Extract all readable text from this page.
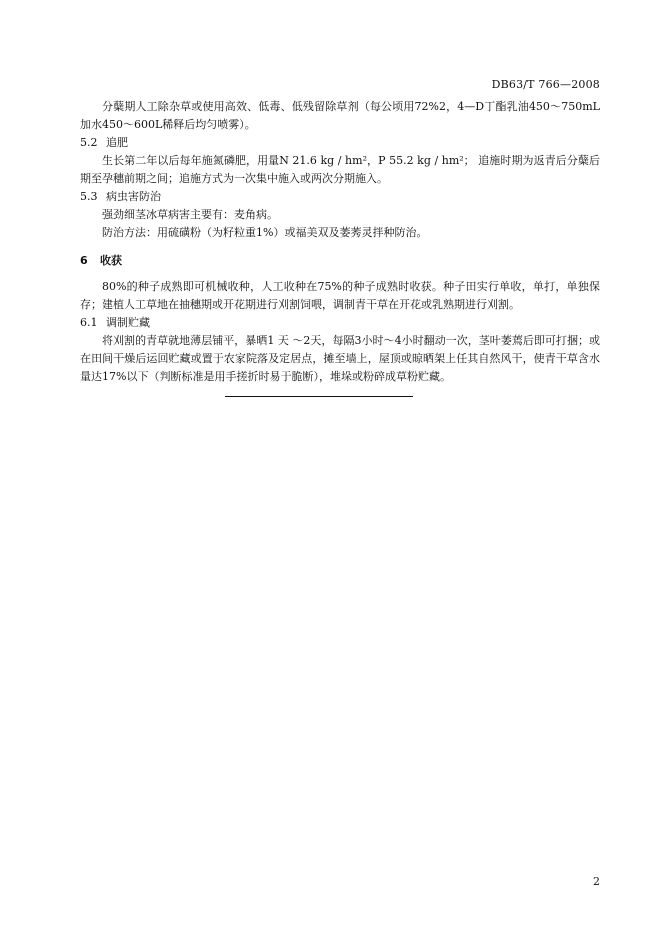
DB63/T 766—2008

分蘖期人工除杂草或使用高效、低毒、低残留除草剂（每公顷用72%2，4—D丁酯乳油450～750mL加水450～600L稀释后均匀喷雾）。

5.2 追肥

生长第二年以后每年施氮磷肥，用量N 21.6 kg / hm²，P 55.2 kg / hm²； 追施时期为返青后分蘖后期至孕穗前期之间；追施方式为一次集中施入或两次分期施入。

5.3 病虫害防治

强劲细茎冰草病害主要有：麦角病。

防治方法：用硫磺粉（为籽粒重1%）或福美双及萎莠灵拌种防治。

6 收获

80%的种子成熟即可机械收种，人工收种在75%的种子成熟时收获。种子田实行单收，单打，单独保存；建植人工草地在抽穗期或开花期进行刈割饲喂，调制青干草在开花或乳熟期进行刈割。

6.1 调制贮藏

将刈割的青草就地薄层铺平，暴晒1 天 ～2天，每隔3小时～4小时翻动一次，茎叶萎蔫后即可打捆；或在田间干燥后运回贮藏或置于农家院落及定居点，摊至墙上，屋顶或晾晒架上任其自然风干，使青干草含水量达17%以下（判断标准是用手搓折时易于脆断），堆垛或粉碎成草粉贮藏。

2
